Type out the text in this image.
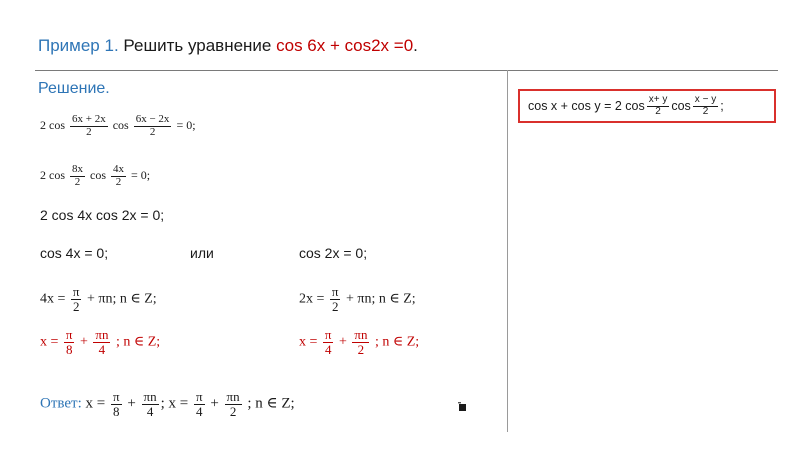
Пример 1. Решить уравнение cos 6x + cos2x =0.
Решение.
2 $\cos \frac{6x + 2x}{2}$ $\cos \frac{6x - 2x}{2} = 0$;
2 $\cos \frac{8x}{2}$ $\cos \frac{4x}{2} = 0$;
2 cos 4x cos 2x = 0;
cos 4x = 0;	или	cos 2x = 0;
$4x = \frac{\pi}{2} + \pi n$; n ∈ Z;	$2x = \frac{\pi}{2} + \pi n$; n ∈ Z;
$x = \frac{\pi}{8} + \frac{\pi n}{4}$ ; n ∈ Z;	$x = \frac{\pi}{4} + \frac{\pi n}{2}$ ; n ∈ Z;
Ответ: $x = \frac{\pi}{8} + \frac{\pi n}{4}$ ; $x = \frac{\pi}{4} + \frac{\pi n}{2}$ ; n ∈ Z;
cos x + cos y = 2 $\cos \frac{x+ y}{2}$ $\cos \frac{x - y}{2}$ ;
